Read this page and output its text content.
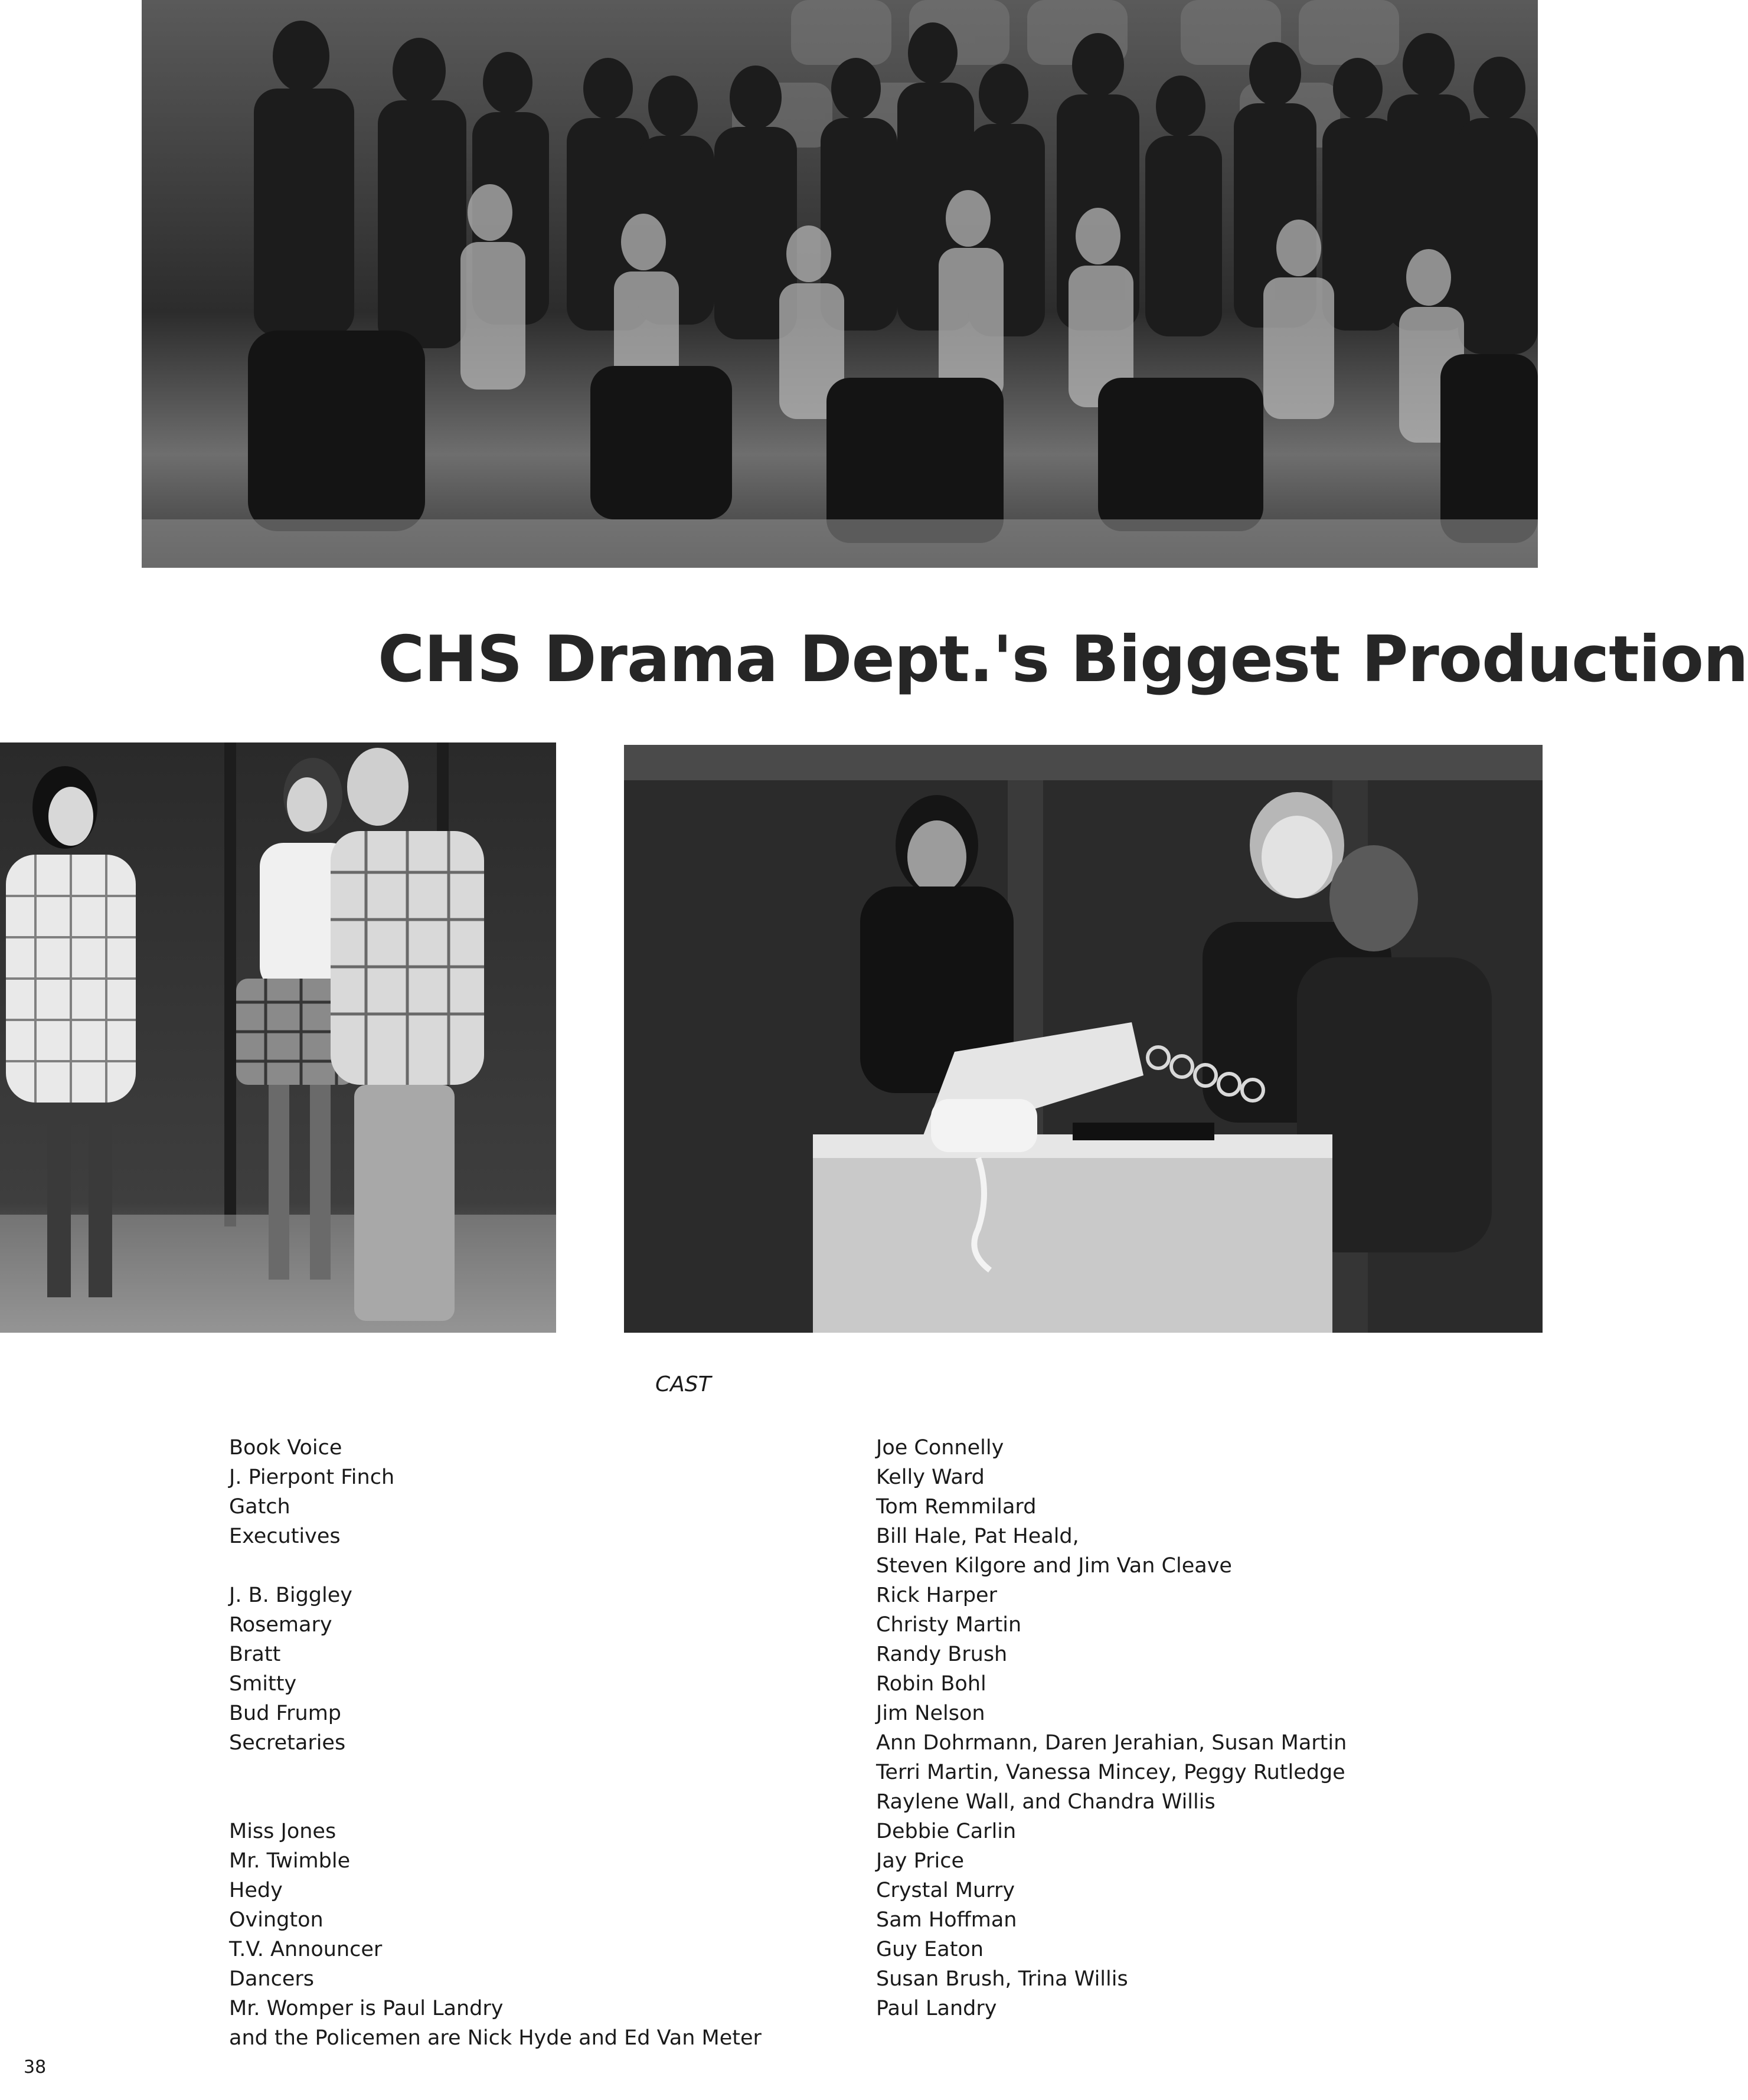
CHS Drama Dept.'s Biggest Production
CAST
Book Voice
J. Pierpont Finch
Gatch
Executives
J. B. Biggley
Rosemary
Bratt
Smitty
Bud Frump
Secretaries
Miss Jones
Mr. Twimble
Hedy
Ovington
T.V. Announcer
Dancers
Mr. Womper is Paul Landry
and the Policemen are Nick Hyde and Ed Van Meter
Joe Connelly
Kelly Ward
Tom Remmilard
Bill Hale, Pat Heald,
Steven Kilgore and Jim Van Cleave
Rick Harper
Christy Martin
Randy Brush
Robin Bohl
Jim Nelson
Ann Dohrmann, Daren Jerahian, Susan Martin
Terri Martin, Vanessa Mincey, Peggy Rutledge
Raylene Wall, and Chandra Willis
Debbie Carlin
Jay Price
Crystal Murry
Sam Hoffman
Guy Eaton
Susan Brush, Trina Willis
Paul Landry
38
